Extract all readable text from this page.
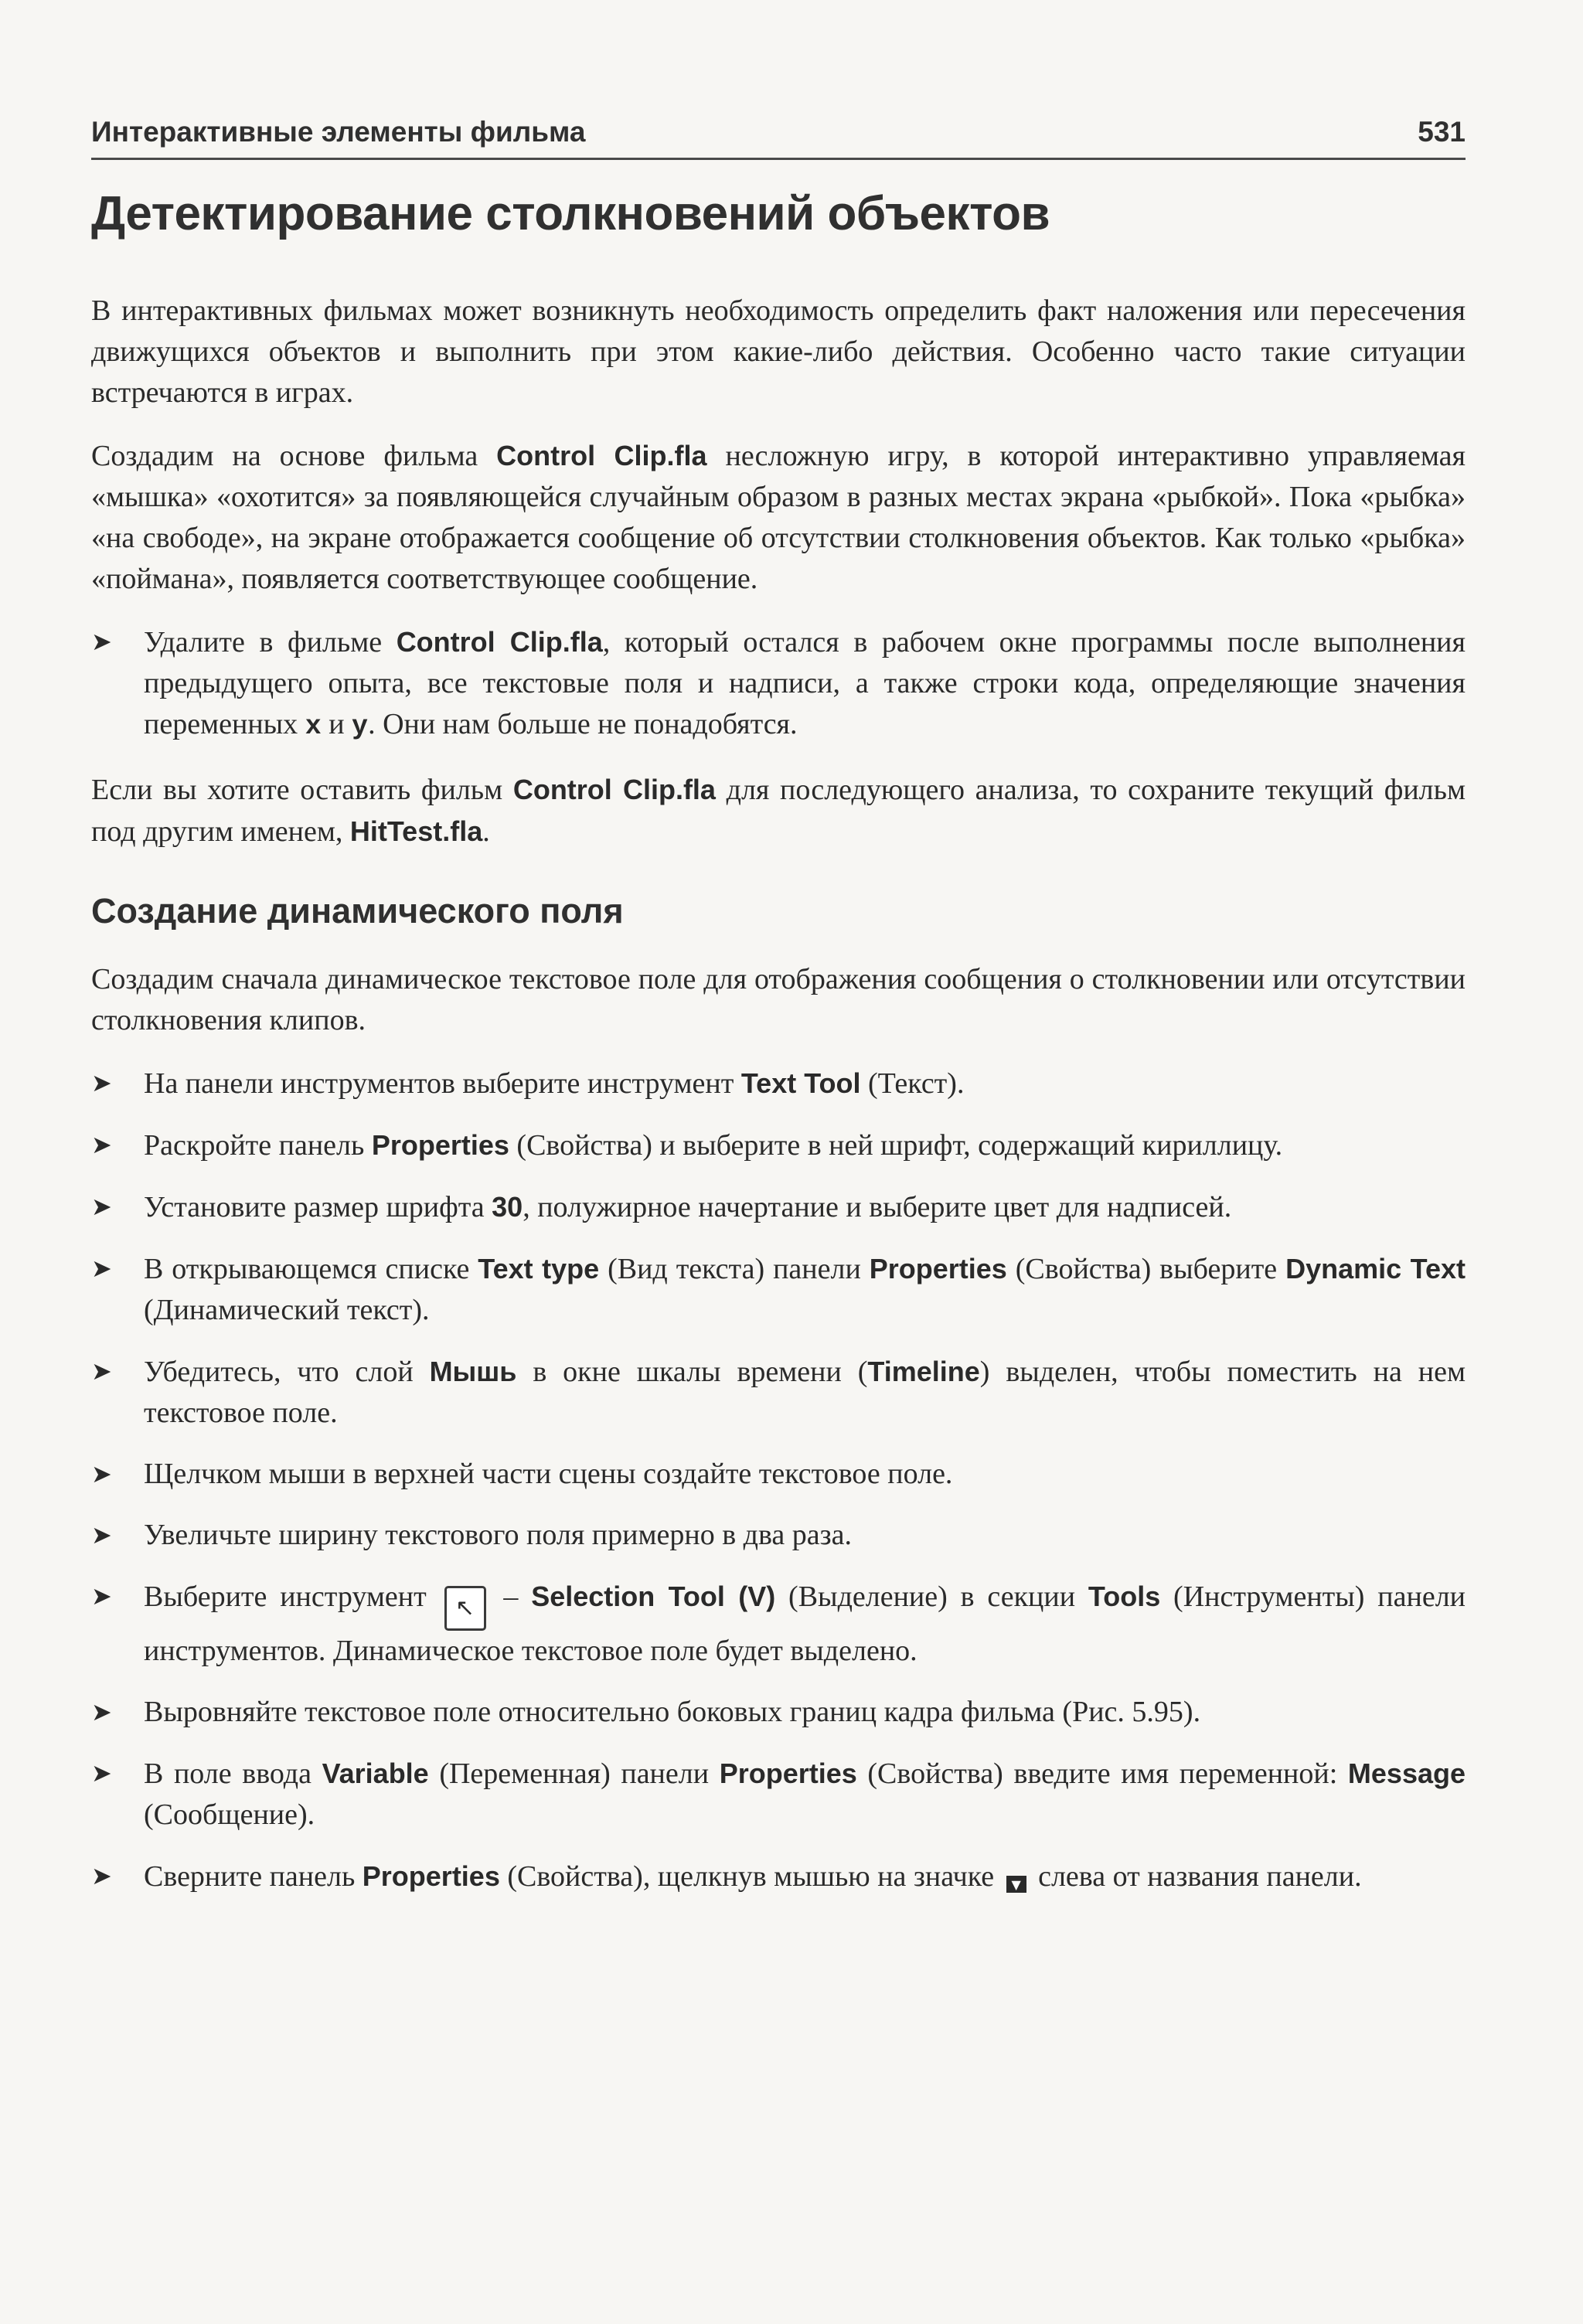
Интерактивные элементы фильма	531
Детектирование столкновений объектов

В интерактивных фильмах может возникнуть необходимость определить факт наложения или пересечения движущихся объектов и выполнить при этом какие-либо действия. Особенно часто такие ситуации встречаются в играх.

Создадим на основе фильма Control Clip.fla несложную игру, в которой интерактивно управляемая «мышка» «охотится» за появляющейся случайным образом в разных местах экрана «рыбкой». Пока «рыбка» «на свободе», на экране отображается сообщение об отсутствии столкновения объектов. Как только «рыбка» «поймана», появляется соответствующее сообщение.

➤ Удалите в фильме Control Clip.fla, который остался в рабочем окне программы после выполнения предыдущего опыта, все текстовые поля и надписи, а также строки кода, определяющие значения переменных x и y. Они нам больше не понадобятся.

Если вы хотите оставить фильм Control Clip.fla для последующего анализа, то сохраните текущий фильм под другим именем, HitTest.fla.

Создание динамического поля

Создадим сначала динамическое текстовое поле для отображения сообщения о столкновении или отсутствии столкновения клипов.

➤ На панели инструментов выберите инструмент Text Tool (Текст).
➤ Раскройте панель Properties (Свойства) и выберите в ней шрифт, содержащий кириллицу.
➤ Установите размер шрифта 30, полужирное начертание и выберите цвет для надписей.
➤ В открывающемся списке Text type (Вид текста) панели Properties (Свойства) выберите Dynamic Text (Динамический текст).
➤ Убедитесь, что слой Мышь в окне шкалы времени (Timeline) выделен, чтобы поместить на нем текстовое поле.
➤ Щелчком мыши в верхней части сцены создайте текстовое поле.
➤ Увеличьте ширину текстового поля примерно в два раза.
➤ Выберите инструмент ↖ – Selection Tool (V) (Выделение) в секции Tools (Инструменты) панели инструментов. Динамическое текстовое поле будет выделено.
➤ Выровняйте текстовое поле относительно боковых границ кадра фильма (Рис. 5.95).
➤ В поле ввода Variable (Переменная) панели Properties (Свойства) введите имя переменной: Message (Сообщение).
➤ Сверните панель Properties (Свойства), щелкнув мышью на значке ▼ слева от названия панели.
